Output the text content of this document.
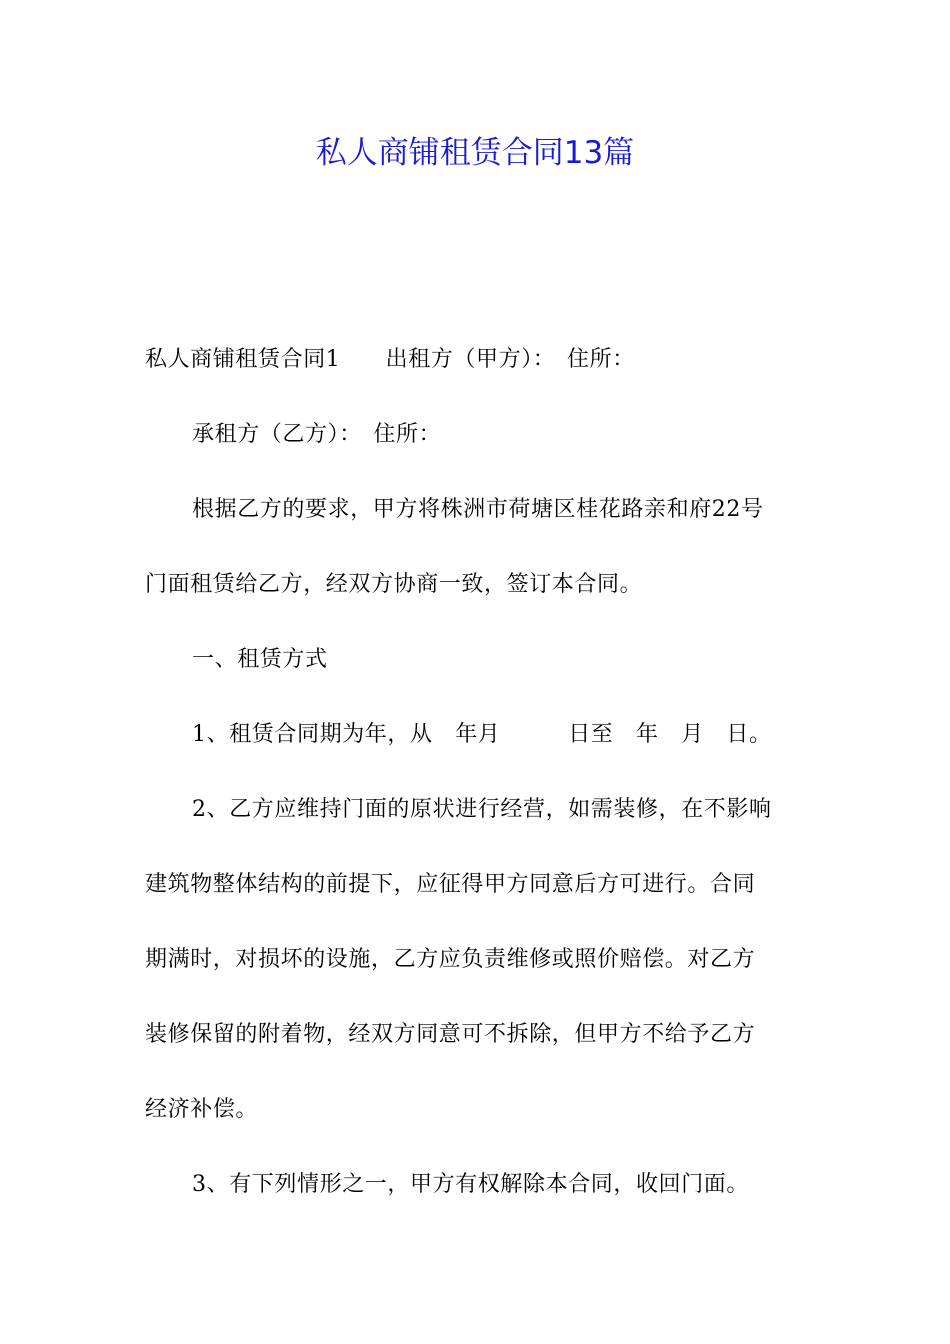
私人商铺租赁合同13篇
私人商铺租赁合同1　　出租方（甲方）：　住所：
承租方（乙方）：　住所：
根据乙方的要求，甲方将株洲市荷塘区桂花路亲和府22号
门面租赁给乙方，经双方协商一致，签订本合同。
一、租赁方式
1、租赁合同期为年，从　年月　　　日至　年　月　日。
2、乙方应维持门面的原状进行经营，如需装修，在不影响
建筑物整体结构的前提下，应征得甲方同意后方可进行。合同
期满时，对损坏的设施，乙方应负责维修或照价赔偿。对乙方
装修保留的附着物，经双方同意可不拆除，但甲方不给予乙方
经济补偿。
3、有下列情形之一，甲方有权解除本合同，收回门面。
